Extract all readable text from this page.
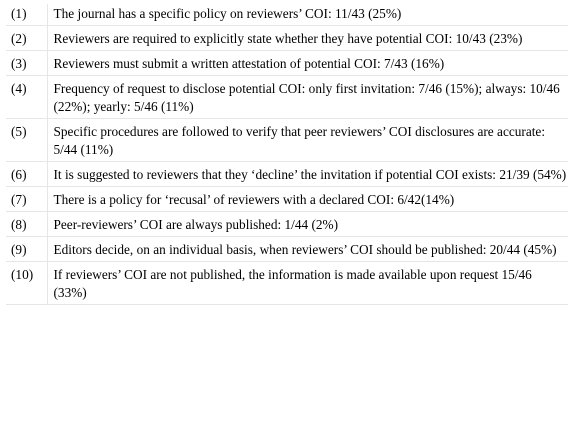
(1)	The journal has a specific policy on reviewers’ COI: 11/43 (25%)
(2)	Reviewers are required to explicitly state whether they have potential COI: 10/43 (23%)
(3)	Reviewers must submit a written attestation of potential COI: 7/43 (16%)
(4)	Frequency of request to disclose potential COI: only first invitation: 7/46 (15%); always: 10/46 (22%); yearly: 5/46 (11%)
(5)	Specific procedures are followed to verify that peer reviewers’ COI disclosures are accurate: 5/44 (11%)
(6)	It is suggested to reviewers that they ‘decline’ the invitation if potential COI exists: 21/39 (54%)
(7)	There is a policy for ‘recusal’ of reviewers with a declared COI: 6/42(14%)
(8)	Peer-reviewers’ COI are always published: 1/44 (2%)
(9)	Editors decide, on an individual basis, when reviewers’ COI should be published: 20/44 (45%)
(10)	If reviewers’ COI are not published, the information is made available upon request 15/46 (33%)
